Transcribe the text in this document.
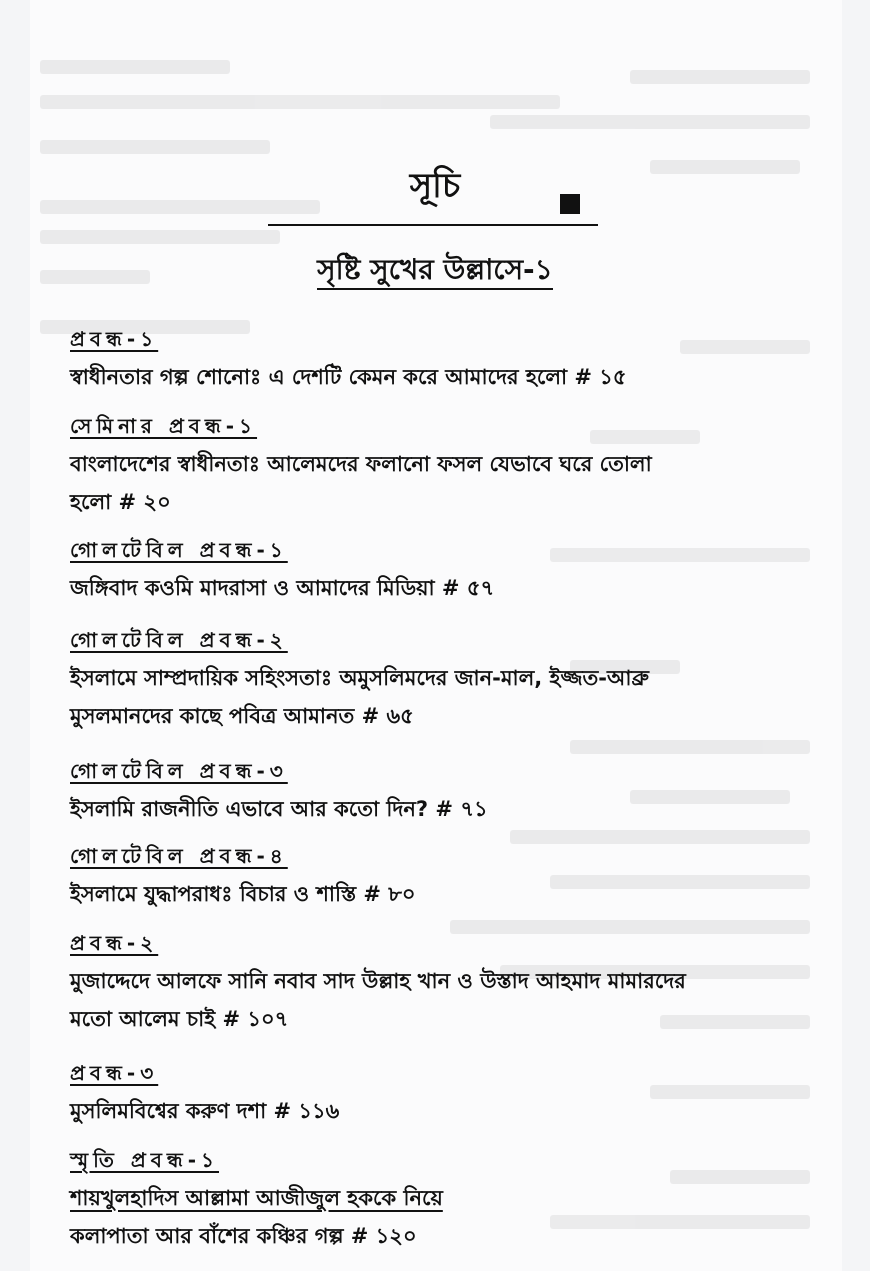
সূচি
সৃষ্টি সুখের উল্লাসে-১
প্রবন্ধ-১
স্বাধীনতার গল্প শোনোঃ এ দেশটি কেমন করে আমাদের হলো # ১৫
সেমিনার প্রবন্ধ-১
বাংলাদেশের স্বাধীনতাঃ আলেমদের ফলানো ফসল যেভাবে ঘরে তোলা
হলো # ২০
গোলটেবিল প্রবন্ধ-১
জঙ্গিবাদ কওমি মাদরাসা ও আমাদের মিডিয়া # ৫৭
গোলটেবিল প্রবন্ধ-২
ইসলামে সাম্প্রদায়িক সহিংসতাঃ অমুসলিমদের জান-মাল, ইজ্জত-আব্রু
মুসলমানদের কাছে পবিত্র আমানত # ৬৫
গোলটেবিল প্রবন্ধ-৩
ইসলামি রাজনীতি এভাবে আর কতো দিন? # ৭১
গোলটেবিল প্রবন্ধ-৪
ইসলামে যুদ্ধাপরাধঃ বিচার ও শাস্তি # ৮০
প্রবন্ধ-২
মুজাদ্দেদে আলফে সানি নবাব সাদ উল্লাহ খান ও উস্তাদ আহমাদ মামারদের
মতো আলেম চাই # ১০৭
প্রবন্ধ-৩
মুসলিমবিশ্বের করুণ দশা # ১১৬
স্মৃতি প্রবন্ধ-১
শায়খুলহাদিস আল্লামা আজীজুল হককে নিয়ে
কলাপাতা আর বাঁশের কঞ্চির গল্প # ১২০
